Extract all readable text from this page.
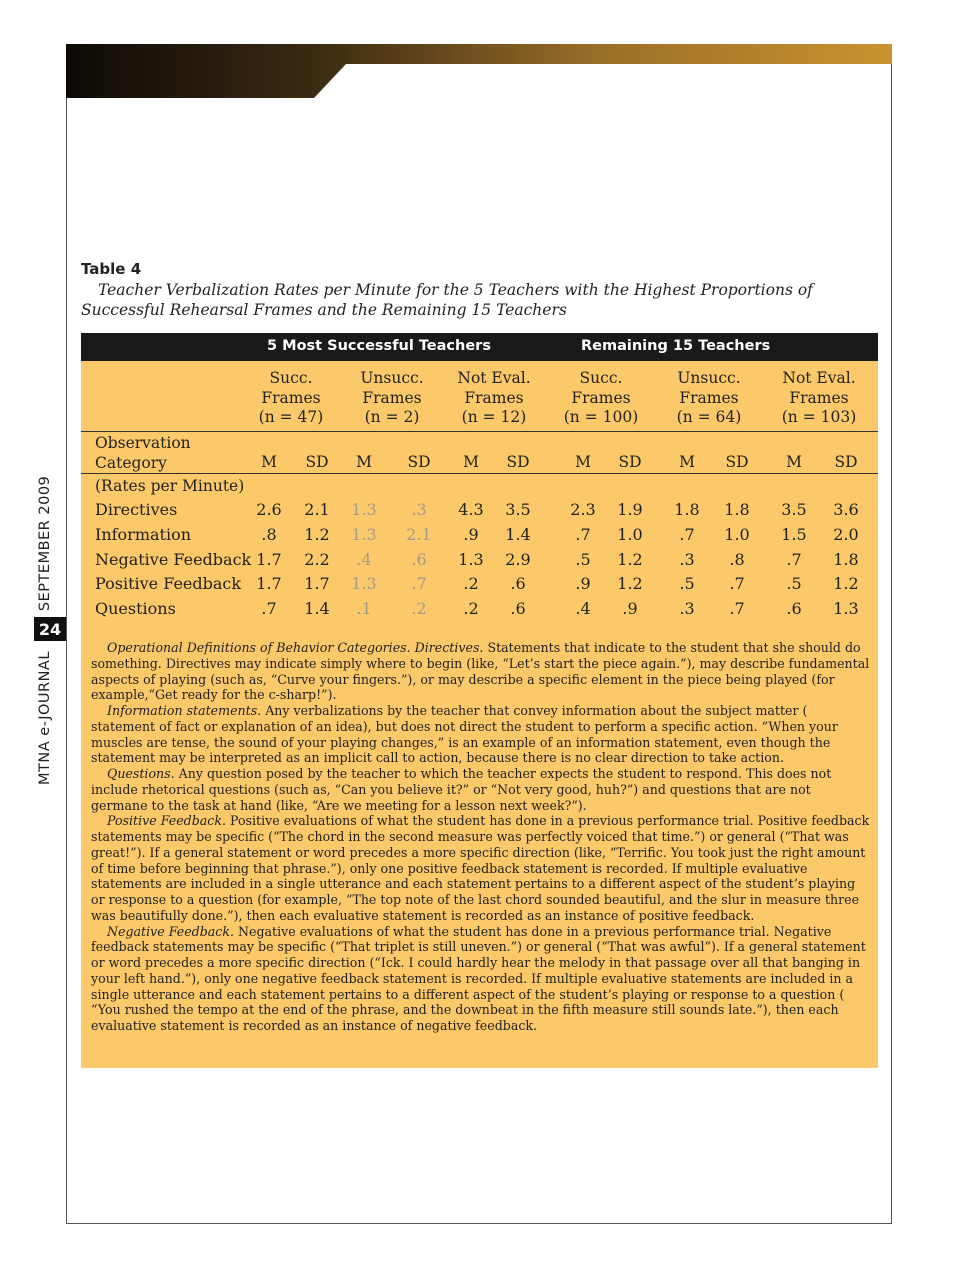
MTNA e-JOURNAL
SEPTEMBER 2009
24
Table 4
Teacher Verbalization Rates per Minute for the 5 Teachers with the Highest Proportions of Successful Rehearsal Frames and the Remaining 15 Teachers
5 Most Successful Teachers	Remaining 15 Teachers
Succ.
Frames
(n = 47)
Unsucc.
Frames
(n = 2)
Not Eval.
Frames
(n = 12)
Succ.
Frames
(n = 100)
Unsucc.
Frames
(n = 64)
Not Eval.
Frames
(n = 103)
Observation
Category	M	SD	M	SD	M	SD	M	SD	M	SD	M	SD
(Rates per Minute)
Directives	2.6	2.1	1.3	.3	4.3	3.5	2.3	1.9	1.8	1.8	3.5	3.6
Information	.8	1.2	1.3	2.1	.9	1.4	.7	1.0	.7	1.0	1.5	2.0
Negative Feedback 1.7	2.2	.4	.6	1.3	2.9	.5	1.2	.3	.8	.7	1.8
Positive Feedback 1.7	1.7	1.3	.7	.2	.6	.9	1.2	.5	.7	.5	1.2
Questions	.7	1.4	.1	.2	.2	.6	.4	.9	.3	.7	.6	1.3

Operational Definitions of Behavior Categories. Directives. Statements that indicate to the student that she should do something. Directives may indicate simply where to begin (like, “Let’s start the piece again.”), may describe fundamental aspects of playing (such as, “Curve your fingers.”), or may describe a specific element in the piece being played (for example,“Get ready for the c-sharp!”).

Information statements. Any verbalizations by the teacher that convey information about the subject matter ( statement of fact or explanation of an idea), but does not direct the student to perform a specific action. “When your muscles are tense, the sound of your playing changes,” is an example of an information statement, even though the statement may be interpreted as an implicit call to action, because there is no clear direction to take action.

Questions. Any question posed by the teacher to which the teacher expects the student to respond. This does not include rhetorical questions (such as, “Can you believe it?” or “Not very good, huh?”) and questions that are not germane to the task at hand (like, “Are we meeting for a lesson next week?”).

Positive Feedback. Positive evaluations of what the student has done in a previous performance trial. Positive feedback statements may be specific (“The chord in the second measure was perfectly voiced that time.”) or general (“That was great!”). If a general statement or word precedes a more specific direction (like, “Terrific. You took just the right amount of time before beginning that phrase.”), only one positive feedback statement is recorded. If multiple evaluative statements are included in a single utterance and each statement pertains to a different aspect of the student’s playing or response to a question (for example, “The top note of the last chord sounded beautiful, and the slur in measure three was beautifully done.”), then each evaluative statement is recorded as an instance of positive feedback.

Negative Feedback. Negative evaluations of what the student has done in a previous performance trial. Negative feedback statements may be specific (“That triplet is still uneven.”) or general (“That was awful”). If a general statement or word precedes a more specific direction (“Ick. I could hardly hear the melody in that passage over all that banging in your left hand.”), only one negative feedback statement is recorded. If multiple evaluative statements are included in a single utterance and each statement pertains to a different aspect of the student’s playing or response to a question ( “You rushed the tempo at the end of the phrase, and the downbeat in the fifth measure still sounds late.”), then each evaluative statement is recorded as an instance of negative feedback.
